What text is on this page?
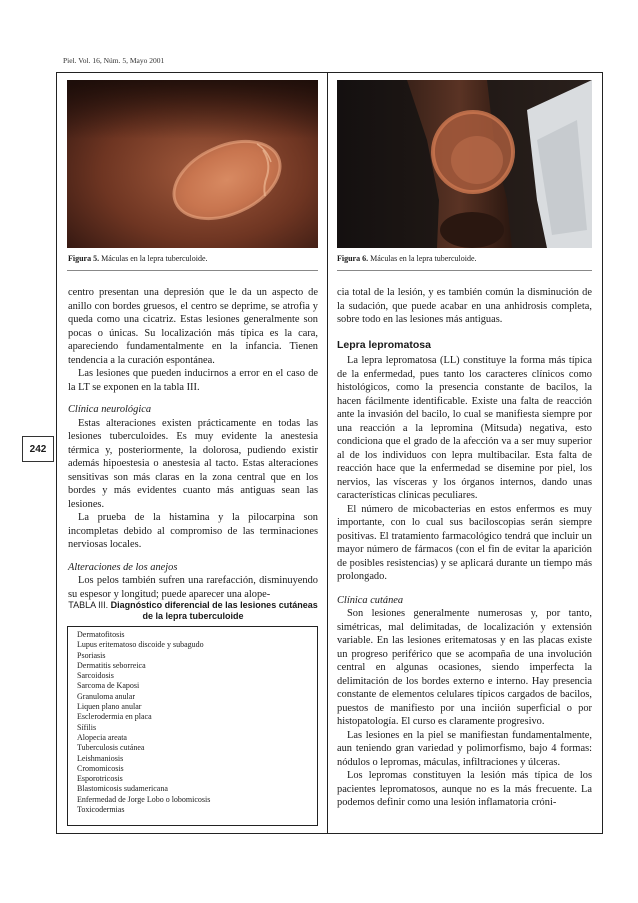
Piel. Vol. 16, Núm. 5, Mayo 2001
242
Figura 5. Máculas en la lepra tuberculoide.	Figura 6. Máculas en la lepra tuberculoide.

centro presentan una depresión que le da un aspecto de anillo con bordes gruesos, el centro se deprime, se atrofia y queda como una cicatriz. Estas lesiones generalmente son pocas o únicas. Su localización más típica es la cara, apareciendo fundamentalmente en la infancia. Tienen tendencia a la curación espontánea.

Las lesiones que pueden inducirnos a error en el caso de la LT se exponen en la tabla III.

Clínica neurológica

Estas alteraciones existen prácticamente en todas las lesiones tuberculoides. Es muy evidente la anestesia térmica y, posteriormente, la dolorosa, pudiendo existir además hipoestesia o anestesia al tacto. Estas alteraciones sensitivas son más claras en la zona central que en los bordes y más evidentes cuanto más antiguas sean las lesiones.

La prueba de la histamina y la pilocarpina son incompletas debido al compromiso de las terminaciones nerviosas locales.

Alteraciones de los anejos

Los pelos también sufren una rarefacción, disminuyendo su espesor y longitud; puede aparecer una alope-

TABLA III. Diagnóstico diferencial de las lesiones cutáneas de la lepra tuberculoide
Dermatofitosis
Lupus eritematoso discoide y subagudo
Psoriasis
Dermatitis seborreica
Sarcoidosis
Sarcoma de Kaposi
Granuloma anular
Liquen plano anular
Esclerodermia en placa
Sífilis
Alopecia areata
Tuberculosis cutánea
Leishmaniosis
Cromomicosis
Esporotricosis
Blastomicosis sudamericana
Enfermedad de Jorge Lobo o lobomicosis
Toxicodermias

cia total de la lesión, y es también común la disminución de la sudación, que puede acabar en una anhidrosis completa, sobre todo en las lesiones más antiguas.

Lepra lepromatosa

La lepra lepromatosa (LL) constituye la forma más típica de la enfermedad, pues tanto los caracteres clínicos como histológicos, como la presencia constante de bacilos, la hacen fácilmente identificable. Existe una falta de reacción ante la invasión del bacilo, lo cual se manifiesta siempre por una reacción a la lepromina (Mitsuda) negativa, esto condiciona que el grado de la afección va a ser muy superior al de los individuos con lepra multibacilar. Esta falta de reacción hace que la enfermedad se disemine por piel, los nervios, las vísceras y los órganos internos, dando unas características clínicas peculiares.

El número de micobacterias en estos enfermos es muy importante, con lo cual sus baciloscopias serán siempre positivas. El tratamiento farmacológico tendrá que incluir un mayor número de fármacos (con el fin de evitar la aparición de posibles resistencias) y se aplicará durante un tiempo más prolongado.

Clínica cutánea

Son lesiones generalmente numerosas y, por tanto, simétricas, mal delimitadas, de localización y extensión variable. En las lesiones eritematosas y en las placas existe un progreso periférico que se acompaña de una involución central en algunas ocasiones, siendo imperfecta la delimitación de los bordes externo e interno. Hay presencia constante de elementos celulares típicos cargados de bacilos, puestos de manifiesto por una inciión superficial o por histopatología. El curso es claramente progresivo.

Las lesiones en la piel se manifiestan fundamentalmente, aun teniendo gran variedad y polimorfismo, bajo 4 formas: nódulos o lepromas, máculas, infiltraciones y úlceras.

Los lepromas constituyen la lesión más típica de los pacientes lepromatosos, aunque no es la más frecuente. La podemos definir como una lesión inflamatoria cróni-
